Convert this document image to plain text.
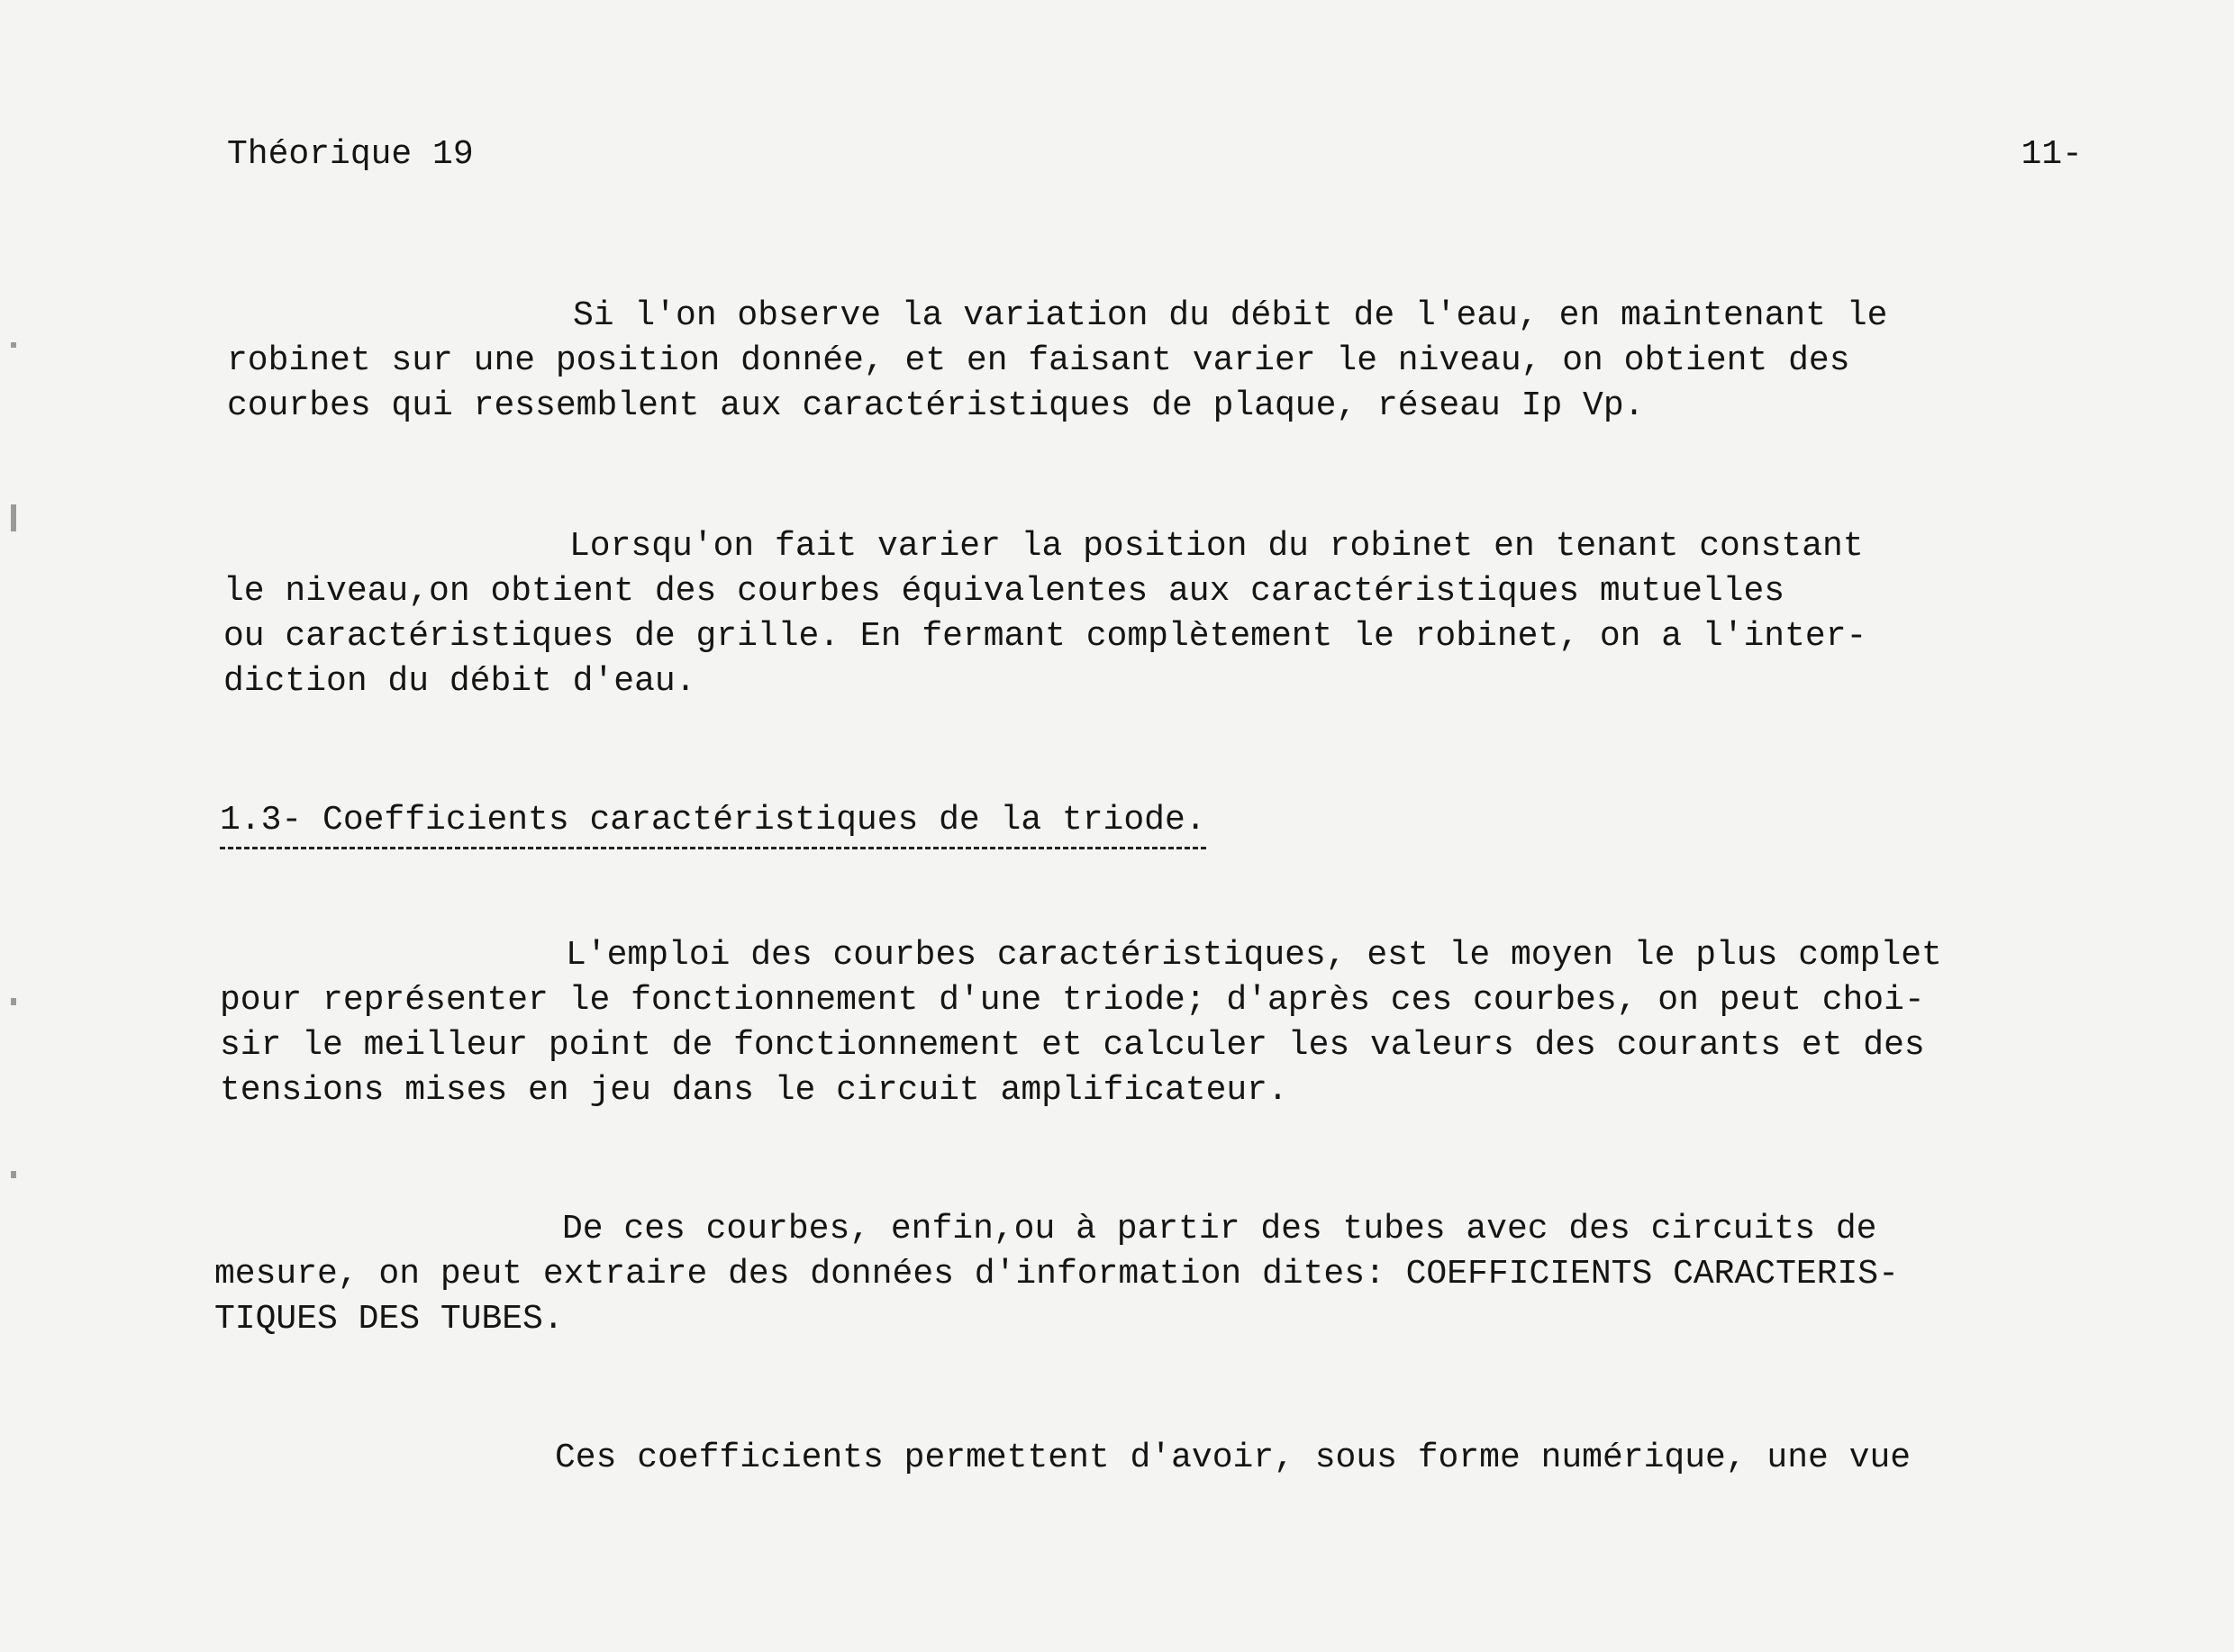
Théorique 19	11-

Si l'on observe la variation du débit de l'eau, en maintenant le
robinet sur une position donnée, et en faisant varier le niveau, on obtient des
courbes qui ressemblent aux caractéristiques de plaque, réseau Ip Vp.

Lorsqu'on fait varier la position du robinet en tenant constant
le niveau,on obtient des courbes équivalentes aux caractéristiques mutuelles
ou caractéristiques de grille. En fermant complètement le robinet, on a l'inter-
diction du débit d'eau.

1.3- Coefficients caractéristiques de la triode.

L'emploi des courbes caractéristiques, est le moyen le plus complet
pour représenter le fonctionnement d'une triode; d'après ces courbes, on peut choi-
sir le meilleur point de fonctionnement et calculer les valeurs des courants et des
tensions mises en jeu dans le circuit amplificateur.

De ces courbes, enfin,ou à partir des tubes avec des circuits de
mesure, on peut extraire des données d'information dites: COEFFICIENTS CARACTERIS-
TIQUES DES TUBES.

Ces coefficients permettent d'avoir, sous forme numérique, une vue
